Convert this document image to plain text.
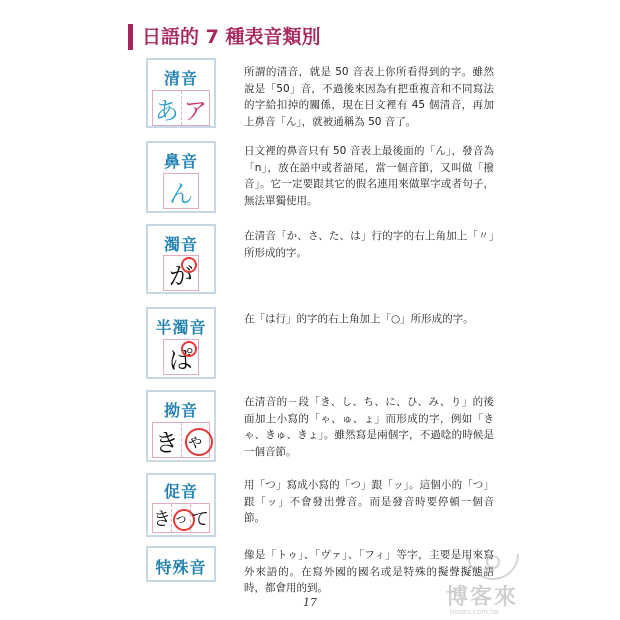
日語的 7 種表音類別
清音
あ ア
所謂的清音，就是 50 音表上你所看得到的字。雖然說是「50」音，不過後來因為有把重複音和不同寫法的字給扣掉的關係，現在日文裡有 45 個清音，再加上鼻音「ん」，就被通稱為 50 音了。
鼻音
ん
日文裡的鼻音只有 50 音表上最後面的「ん」，發音為「n」，放在語中或者語尾，當一個音節，又叫做「撥音」。它一定要跟其它的假名連用來做單字或者句子，無法單獨使用。
濁音
が
在清音「か、さ、た、は」行的字的右上角加上「〃」所形成的字。
半濁音
ぱ
在「は行」的字的右上角加上「○」所形成的字。
拗音
き ゃ
在清音的ㄧ段「き、し、ち、に、ひ、み、り」的後面加上小寫的「ゃ、ゅ、ょ」而形成的字，例如「きゃ、きゅ、きょ」。雖然寫是兩個字，不過唸的時候是一個音節。
促音
き っ て
用「つ」寫成小寫的「つ」跟「ッ」。這個小的「つ」跟「ッ」不會發出聲音。而是發音時要停頓一個音節。
特殊音
像是「トゥ」、「ヴァ」、「フィ」等字，主要是用來寫外來語的。在寫外國的國名或是特殊的擬聲擬態語時，都會用的到。
17	博客來
books.com.tw
